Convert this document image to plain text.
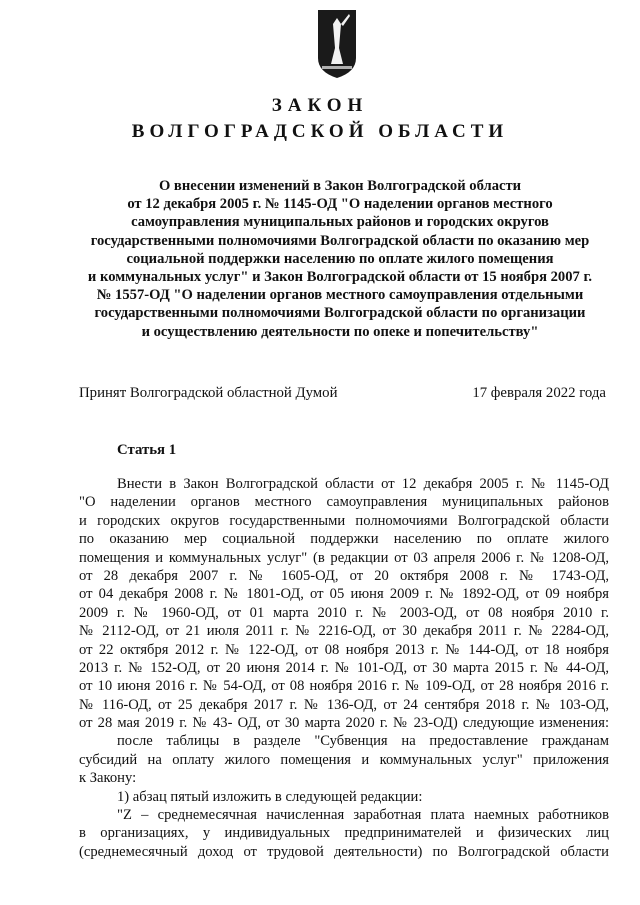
ЗАКОН
ВОЛГОГРАДСКОЙ ОБЛАСТИ
О внесении изменений в Закон Волгоградской области
от 12 декабря 2005 г. № 1145-ОД "О наделении органов местного
самоуправления муниципальных районов и городских округов
государственными полномочиями Волгоградской области по оказанию мер
социальной поддержки населению по оплате жилого помещения
и коммунальных услуг" и Закон Волгоградской области от 15 ноября 2007 г.
№ 1557-ОД "О наделении органов местного самоуправления отдельными
государственными полномочиями Волгоградской области по организации
и осуществлению деятельности по опеке и попечительству"
Принят Волгоградской областной Думой	17 февраля 2022 года
Статья 1
Внести в Закон Волгоградской области от 12 декабря 2005 г. № 1145-ОД
"О наделении органов местного самоуправления муниципальных районов
и городских округов государственными полномочиями Волгоградской области
по оказанию мер социальной поддержки населению по оплате жилого
помещения и коммунальных услуг" (в редакции от 03 апреля 2006 г. № 1208-ОД,
от 28 декабря 2007 г. № 1605-ОД, от 20 октября 2008 г. № 1743-ОД,
от 04 декабря 2008 г. № 1801-ОД, от 05 июня 2009 г. № 1892-ОД, от 09 ноября
2009 г. № 1960-ОД, от 01 марта 2010 г. № 2003-ОД, от 08 ноября 2010 г.
№ 2112-ОД, от 21 июля 2011 г. № 2216-ОД, от 30 декабря 2011 г. № 2284-ОД,
от 22 октября 2012 г. № 122-ОД, от 08 ноября 2013 г. № 144-ОД, от 18 ноября
2013 г. № 152-ОД, от 20 июня 2014 г. № 101-ОД, от 30 марта 2015 г. № 44-ОД,
от 10 июня 2016 г. № 54-ОД, от 08 ноября 2016 г. № 109-ОД, от 28 ноября 2016 г.
№ 116-ОД, от 25 декабря 2017 г. № 136-ОД, от 24 сентября 2018 г. № 103-ОД,
от 28 мая 2019 г. № 43- ОД, от 30 марта 2020 г. № 23-ОД) следующие изменения:
после таблицы в разделе "Субвенция на предоставление гражданам
субсидий на оплату жилого помещения и коммунальных услуг" приложения
к Закону:
1) абзац пятый изложить в следующей редакции:
"Z – среднемесячная начисленная заработная плата наемных работников
в организациях, у индивидуальных предпринимателей и физических лиц
(среднемесячный доход от трудовой деятельности) по Волгоградской области
